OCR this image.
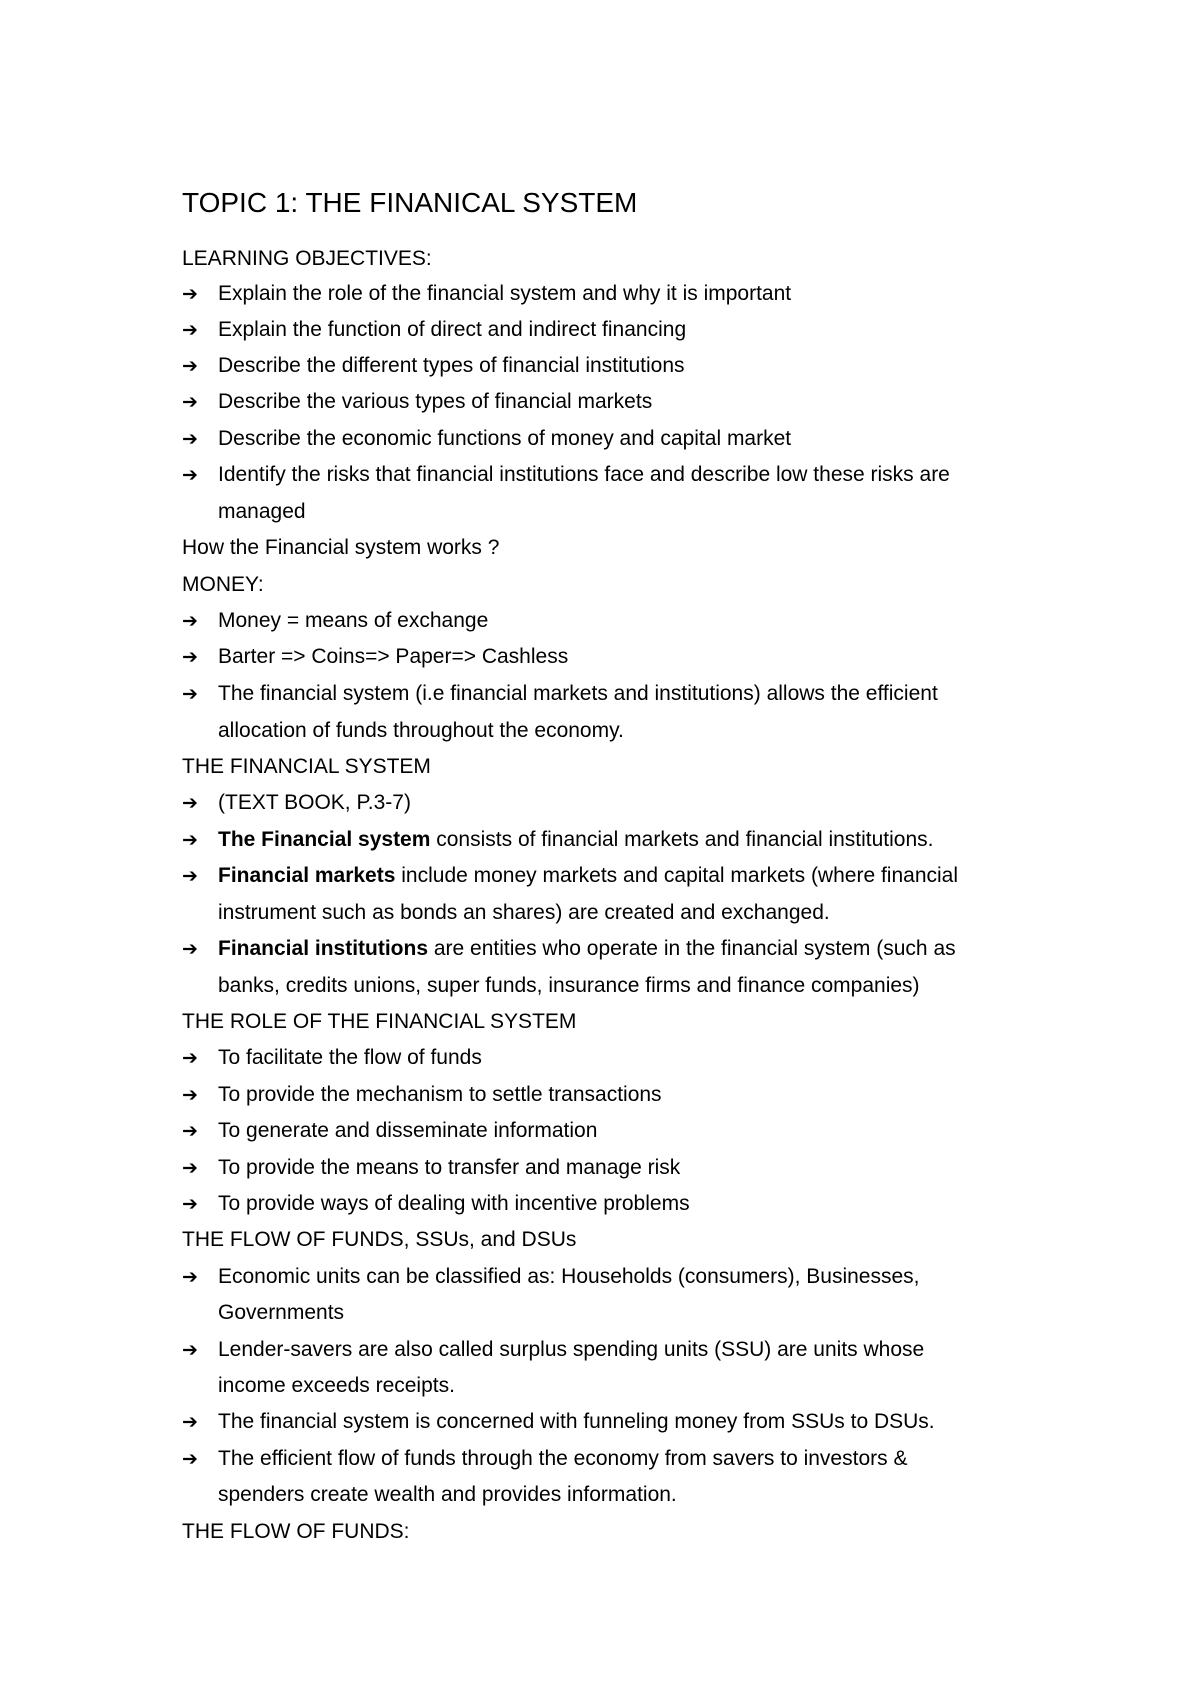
TOPIC 1: THE FINANICAL SYSTEM
LEARNING OBJECTIVES:
➔ Explain the role of the financial system and why it is important
➔ Explain the function of direct and indirect financing
➔ Describe the different types of financial institutions
➔ Describe the various types of financial markets
➔ Describe the economic functions of money and capital market
➔ Identify the risks that financial institutions face and describe low these risks are
managed
How the Financial system works ?
MONEY:
➔ Money = means of exchange
➔ Barter => Coins=> Paper=> Cashless
➔ The financial system (i.e financial markets and institutions) allows the efficient
allocation of funds throughout the economy.
THE FINANCIAL SYSTEM
➔ (TEXT BOOK, P.3-7)
➔ The Financial system consists of financial markets and financial institutions.
➔ Financial markets include money markets and capital markets (where financial
instrument such as bonds an shares) are created and exchanged.
➔ Financial institutions are entities who operate in the financial system (such as
banks, credits unions, super funds, insurance firms and finance companies)
THE ROLE OF THE FINANCIAL SYSTEM
➔ To facilitate the flow of funds
➔ To provide the mechanism to settle transactions
➔ To generate and disseminate information
➔ To provide the means to transfer and manage risk
➔ To provide ways of dealing with incentive problems
THE FLOW OF FUNDS, SSUs, and DSUs
➔ Economic units can be classified as: Households (consumers), Businesses,
Governments
➔ Lender-savers are also called surplus spending units (SSU) are units whose
income exceeds receipts.
➔ The financial system is concerned with funneling money from SSUs to DSUs.
➔ The efficient flow of funds through the economy from savers to investors &
spenders create wealth and provides information.
THE FLOW OF FUNDS:
